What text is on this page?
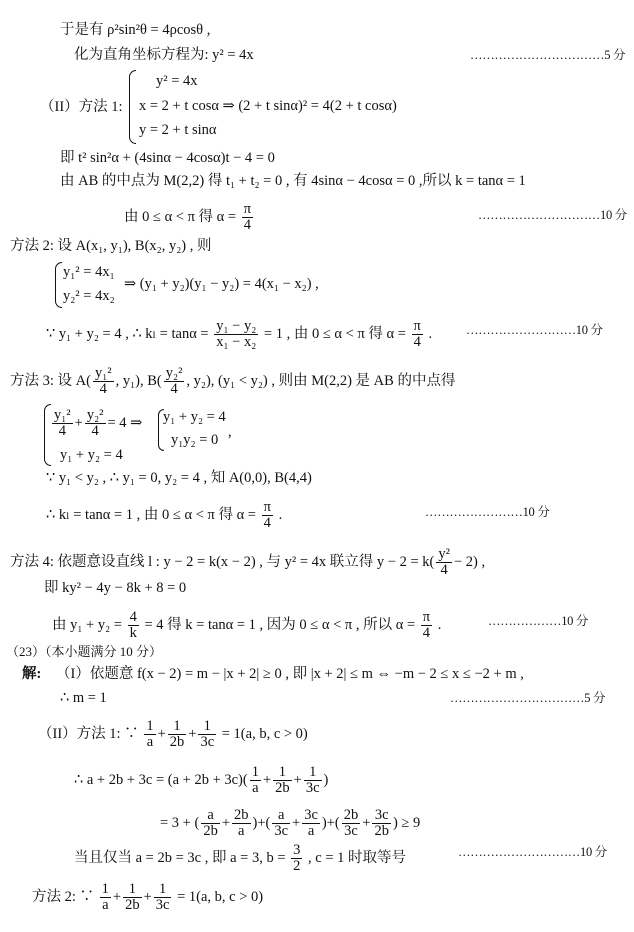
于是有 ρ²sin²θ = 4ρcosθ ,
化为直角坐标方程为: y² = 4x	……………………………5 分
（II）方法 1:
y² = 4x
x = 2 + t cosα ⇒ (2 + t sinα)² = 4(2 + t cosα)
y = 2 + t sinα
即 t² sin²α + (4sinα − 4cosα)t − 4 = 0
由 AB 的中点为 M(2,2) 得 t₁ + t₂ = 0 , 有 4sinα − 4cosα = 0 ,所以 k = tanα = 1
由 0 ≤ α < π 得 $\alpha = \frac{\pi}{4}$	…………………………10 分
方法 2: 设 A(x₁, y₁), B(x₂, y₂) , 则
y₁² = 4x₁
y₂² = 4x₂
⇒ (y₁ + y₂)(y₁ − y₂) = 4(x₁ − x₂) ,
∵ y₁ + y₂ = 4 , ∴ $k_l = \tan\alpha = \frac{\text{y₁ − y₂}}{\text{x₁ − x₂}} = 1$ , 由 0 ≤ α < π 得 $\alpha = \frac{\pi}{4}$ .	………………………10 分
方法 3: 设 $A( \frac{\text{y₁²}}{4}$ , y₁), $B( \frac{\text{y₂²}}{4}$ , y₂), (y₁ < y₂) , 则由 M(2,2) 是 AB 的中点得
$\frac{\text{y₁²}}{4} + \frac{\text{y₂²}}{4} = 4$ ⇒
y₁ + y₂ = 4
y₁ + y₂ = 4
y₁y₂ = 0 ,
∵ y₁ < y₂ , ∴ y₁ = 0, y₂ = 4 , 知 A(0,0), B(4,4)
∴ kₗ = tanα = 1 , 由 0 ≤ α < π 得 $\alpha = \frac{\pi}{4}$ .	……………………10 分
方法 4: 依题意设直线 l : y − 2 = k(x − 2) , 与 y² = 4x 联立得 $y - 2 = k( \frac{\text{y²}}{4} - 2)$ ,
即 ky² − 4y − 8k + 8 = 0
由 $y_1 + y_2 = \frac{4}{k} = 4$ 得 k = tanα = 1 , 因为 0 ≤ α < π , 所以 $\alpha = \frac{\pi}{4}$ .	………………10 分
（23）（本小题满分 10 分）
解: （I）依题意 f(x − 2) = m − |x + 2| ≥ 0 , 即 |x + 2| ≤ m ⇔ −m − 2 ≤ x ≤ −2 + m ,
∴ m = 1	……………………………5 分
（II）方法 1: ∵ $\frac{1}{a} + \frac{1}{2b} + \frac{1}{3c} = 1(a$, b, c > 0)
∴ $a + 2b + 3c = (a + 2b + 3c)( \frac{1}{a} + \frac{1}{2b} + \frac{1}{3c}$ )
= 3 + ( $\frac{a}{2b} + \frac{2b}{a}$ )+( $\frac{a}{3c} + \frac{3c}{a}$ )+( $\frac{2b}{3c} + \frac{3c}{2b}$ ) ≥ 9
当且仅当 a = 2b = 3c , 即 a = 3, $b = \frac{3}{2}$ , c = 1 时取等号	…………………………10 分
方法 2: ∵ $\frac{1}{a} + \frac{1}{2b} + \frac{1}{3c} = 1(a$, b, c > 0)
